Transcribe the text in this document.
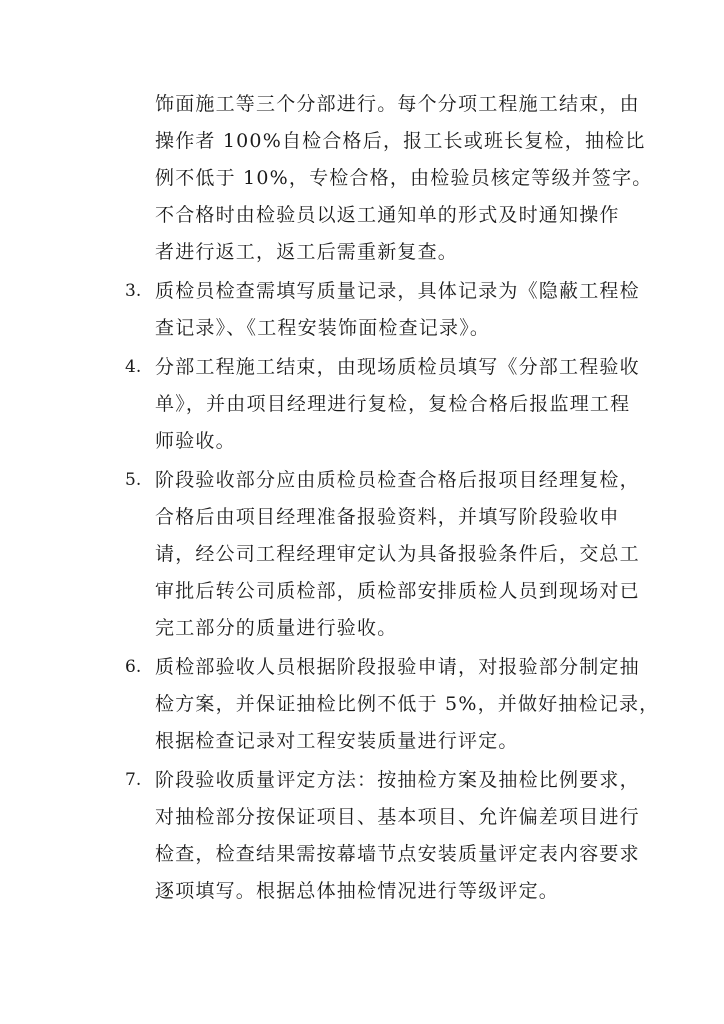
饰面施工等三个分部进行。每个分项工程施工结束，由
操作者 100%自检合格后，报工长或班长复检，抽检比
例不低于 10%，专检合格，由检验员核定等级并签字。
不合格时由检验员以返工通知单的形式及时通知操作
者进行返工，返工后需重新复查。
3. 质检员检查需填写质量记录，具体记录为《隐蔽工程检
查记录》、《工程安装饰面检查记录》。
4. 分部工程施工结束，由现场质检员填写《分部工程验收
单》，并由项目经理进行复检，复检合格后报监理工程
师验收。
5. 阶段验收部分应由质检员检查合格后报项目经理复检，
合格后由项目经理准备报验资料，并填写阶段验收申
请，经公司工程经理审定认为具备报验条件后，交总工
审批后转公司质检部，质检部安排质检人员到现场对已
完工部分的质量进行验收。
6. 质检部验收人员根据阶段报验申请，对报验部分制定抽
检方案，并保证抽检比例不低于 5%，并做好抽检记录，
根据检查记录对工程安装质量进行评定。
7. 阶段验收质量评定方法：按抽检方案及抽检比例要求，
对抽检部分按保证项目、基本项目、允许偏差项目进行
检查，检查结果需按幕墙节点安装质量评定表内容要求
逐项填写。根据总体抽检情况进行等级评定。
